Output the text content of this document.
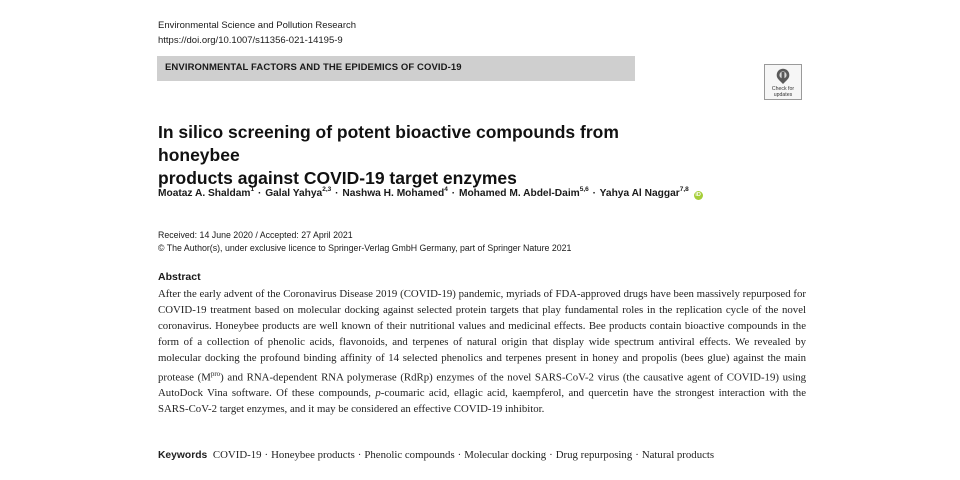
Environmental Science and Pollution Research
https://doi.org/10.1007/s11356-021-14195-9
ENVIRONMENTAL FACTORS AND THE EPIDEMICS OF COVID-19
Check for
updates
In silico screening of potent bioactive compounds from honeybee
products against COVID-19 target enzymes
Moataz A. Shaldam$^1$ · Galal Yahya$^{2,3}$ · Nashwa H. Mohamed$^4$ · Mohamed M. Abdel-Daim$^{5,6}$ · Yahya Al Naggar$^{7,8}$ iD
Received: 14 June 2020 / Accepted: 27 April 2021
© The Author(s), under exclusive licence to Springer-Verlag GmbH Germany, part of Springer Nature 2021
Abstract
After the early advent of the Coronavirus Disease 2019 (COVID-19) pandemic, myriads of FDA-approved drugs have been massively repurposed for COVID-19 treatment based on molecular docking against selected protein targets that play fundamental roles in the replication cycle of the novel coronavirus. Honeybee products are well known of their nutritional values and medicinal effects. Bee products contain bioactive compounds in the form of a collection of phenolic acids, flavonoids, and terpenes of natural origin that display wide spectrum antiviral effects. We revealed by molecular docking the profound binding affinity of 14 selected phenolics and terpenes present in honey and propolis (bees glue) against the main protease $(M^{pro})$ and RNA-dependent RNA polymerase (RdRp) enzymes of the novel SARS-CoV-2 virus (the causative agent of COVID-19) using AutoDock Vina software. Of these compounds, p-coumaric acid, ellagic acid, kaempferol, and quercetin have the strongest interaction with the SARS-CoV-2 target enzymes, and it may be considered an effective COVID-19 inhibitor.
Keywords COVID-19 · Honeybee products · Phenolic compounds · Molecular docking · Drug repurposing · Natural products
